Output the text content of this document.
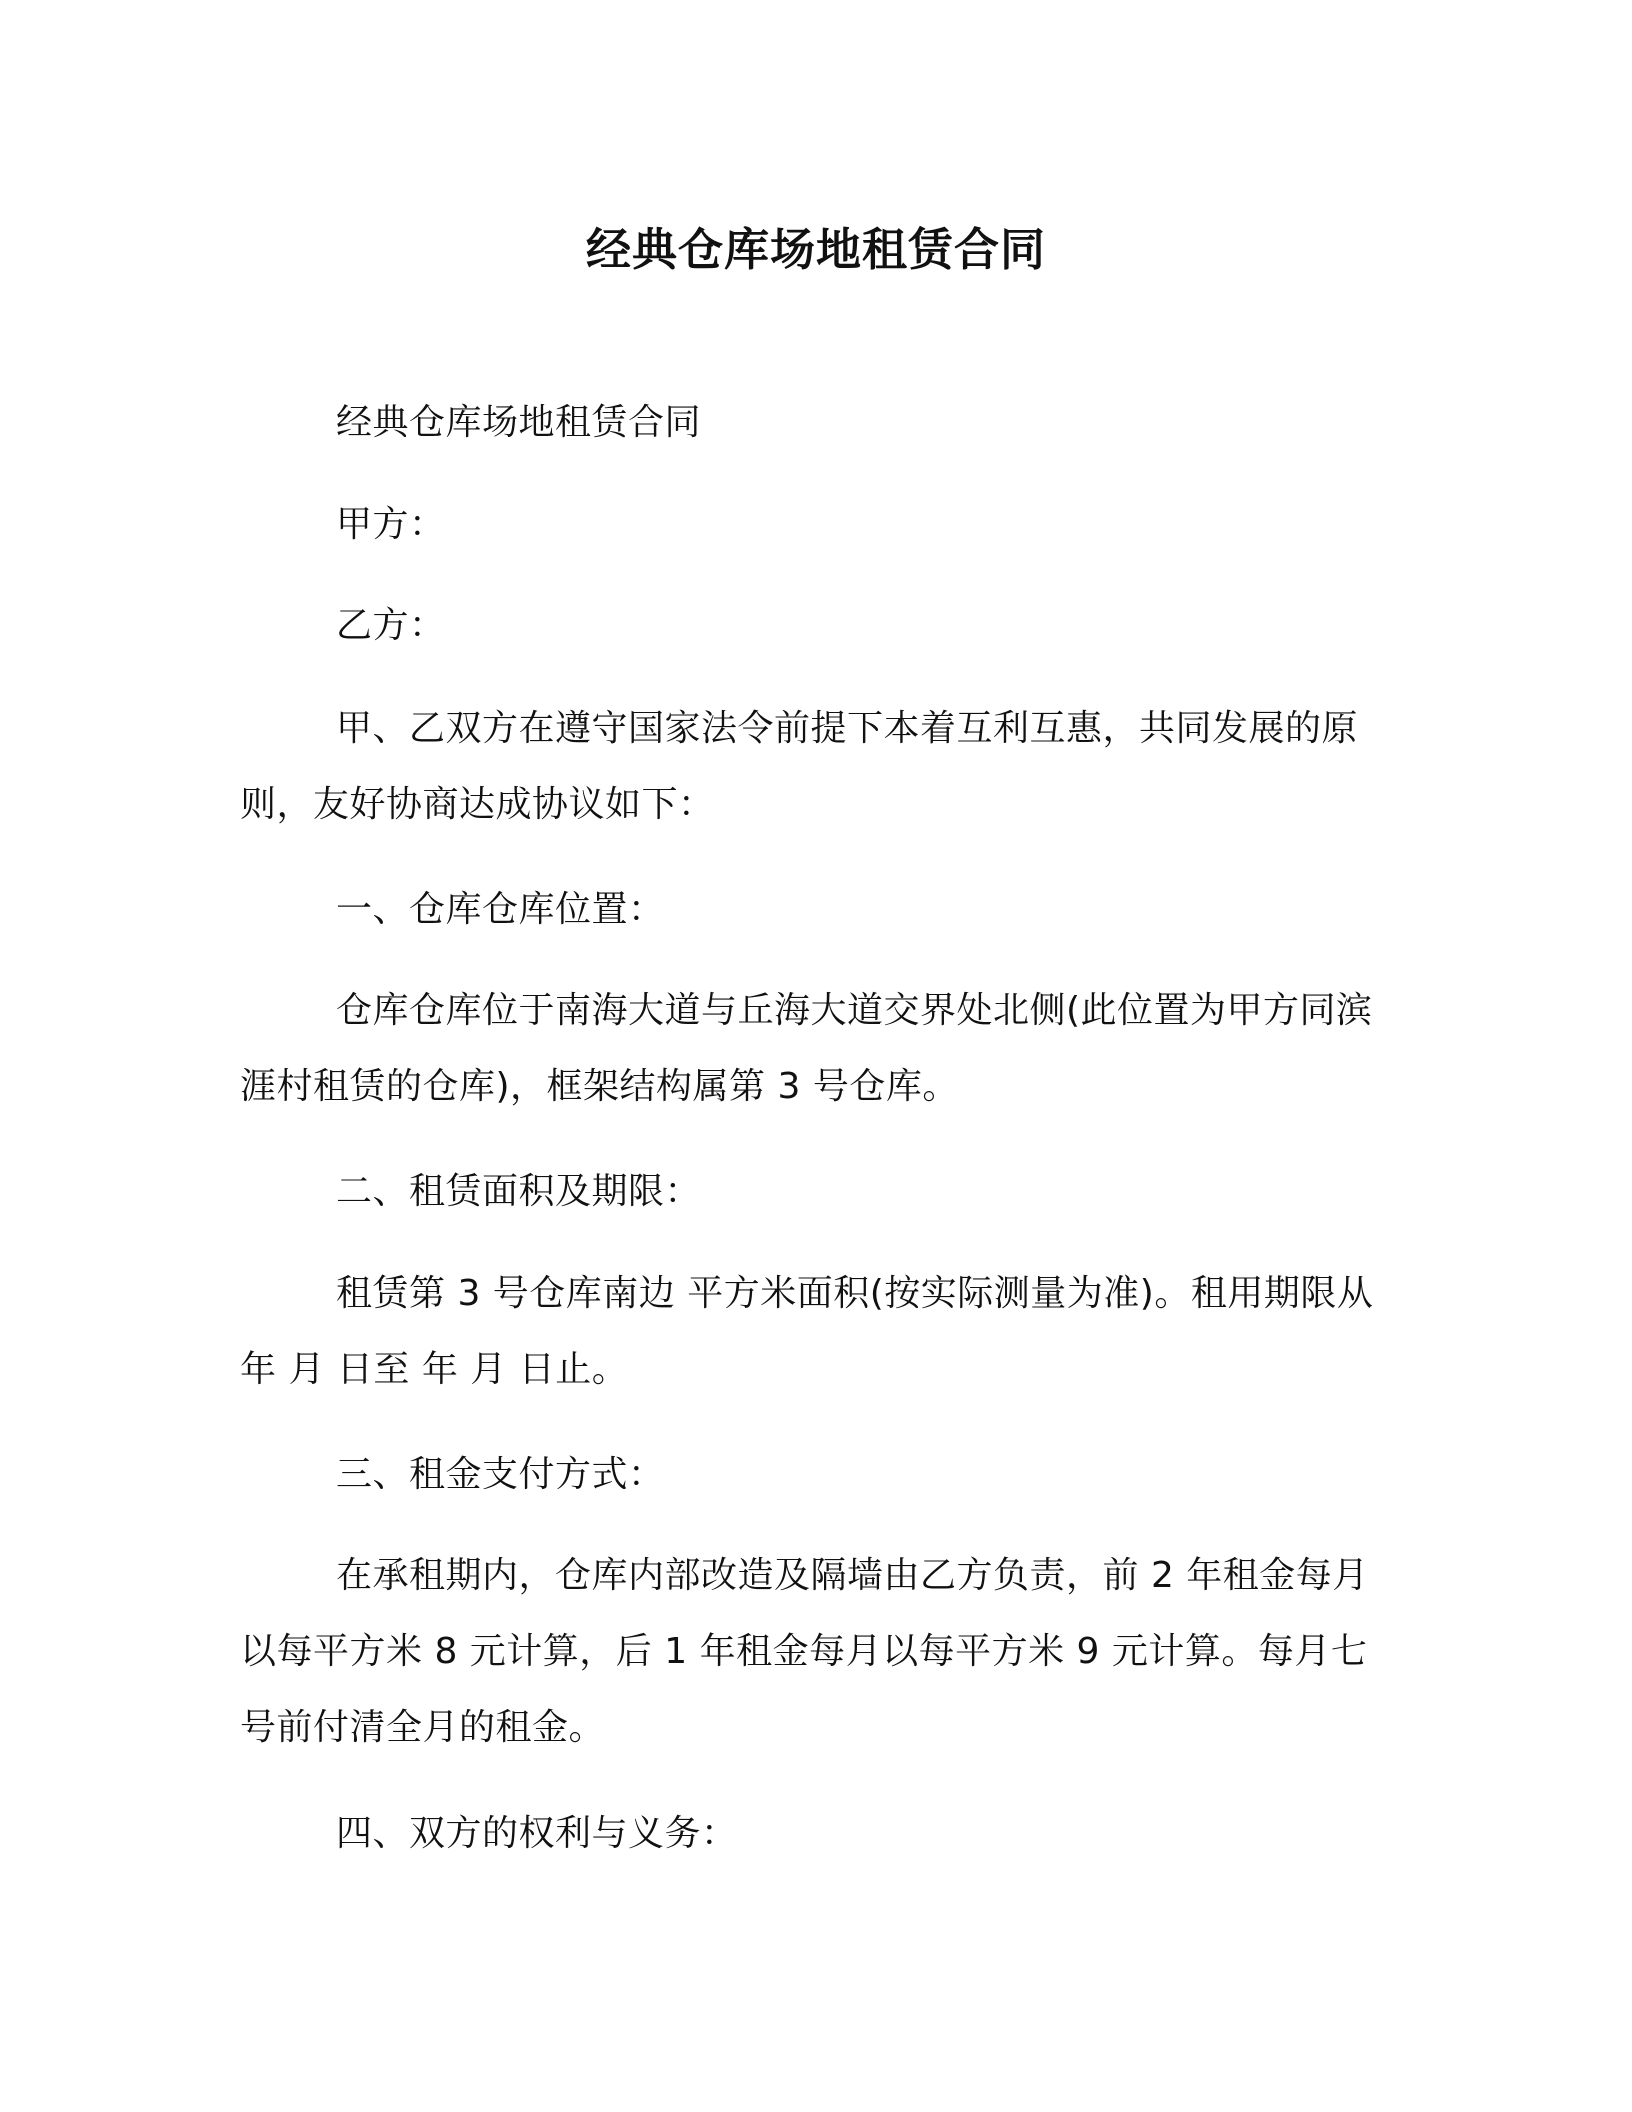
经典仓库场地租赁合同
经典仓库场地租赁合同
甲方：
乙方：
甲、乙双方在遵守国家法令前提下本着互利互惠，共同发展的原则，友好协商达成协议如下：
一、仓库仓库位置：
仓库仓库位于南海大道与丘海大道交界处北侧(此位置为甲方同滨涯村租赁的仓库)，框架结构属第 3 号仓库。
二、租赁面积及期限：
租赁第 3 号仓库南边 平方米面积(按实际测量为准)。租用期限从年 月 日至 年 月 日止。
三、租金支付方式：
在承租期内，仓库内部改造及隔墙由乙方负责，前 2 年租金每月以每平方米 8 元计算，后 1 年租金每月以每平方米 9 元计算。每月七号前付清全月的租金。
四、双方的权利与义务：
